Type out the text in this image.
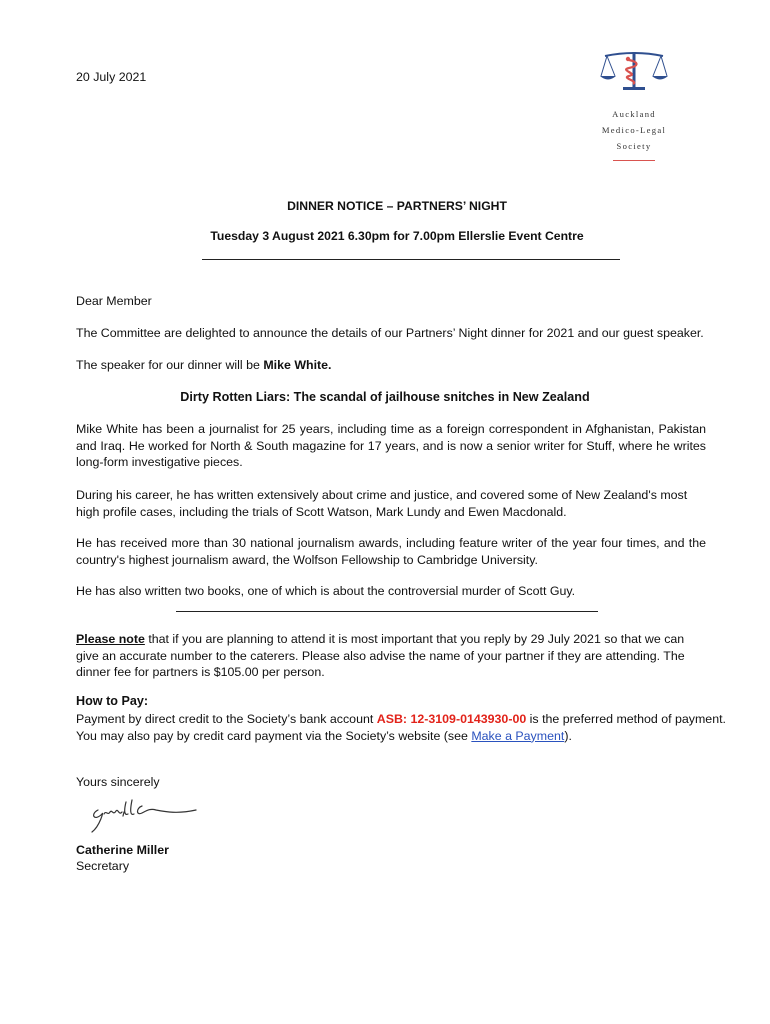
20 July 2021
Auckland
Medico-Legal
Society
DINNER NOTICE – PARTNERS’ NIGHT
Tuesday 3 August 2021 6.30pm for 7.00pm Ellerslie Event Centre
Dear Member
The Committee are delighted to announce the details of our Partners’ Night dinner for 2021 and our guest speaker.
The speaker for our dinner will be Mike White.
Dirty Rotten Liars: The scandal of jailhouse snitches in New Zealand
Mike White has been a journalist for 25 years, including time as a foreign correspondent in Afghanistan, Pakistan and Iraq. He worked for North & South magazine for 17 years, and is now a senior writer for Stuff, where he writes long-form investigative pieces.
During his career, he has written extensively about crime and justice, and covered some of New Zealand's most high profile cases, including the trials of Scott Watson, Mark Lundy and Ewen Macdonald.
He has received more than 30 national journalism awards, including feature writer of the year four times, and the country's highest journalism award, the Wolfson Fellowship to Cambridge University.
He has also written two books, one of which is about the controversial murder of Scott Guy.
Please note that if you are planning to attend it is most important that you reply by 29 July 2021 so that we can give an accurate number to the caterers. Please also advise the name of your partner if they are attending. The dinner fee for partners is $105.00 per person.
How to Pay:
Payment by direct credit to the Society’s bank account ASB: 12-3109-0143930-00 is the preferred method of payment.
You may also pay by credit card payment via the Society’s website (see Make a Payment).
Yours sincerely
Catherine Miller
Secretary
